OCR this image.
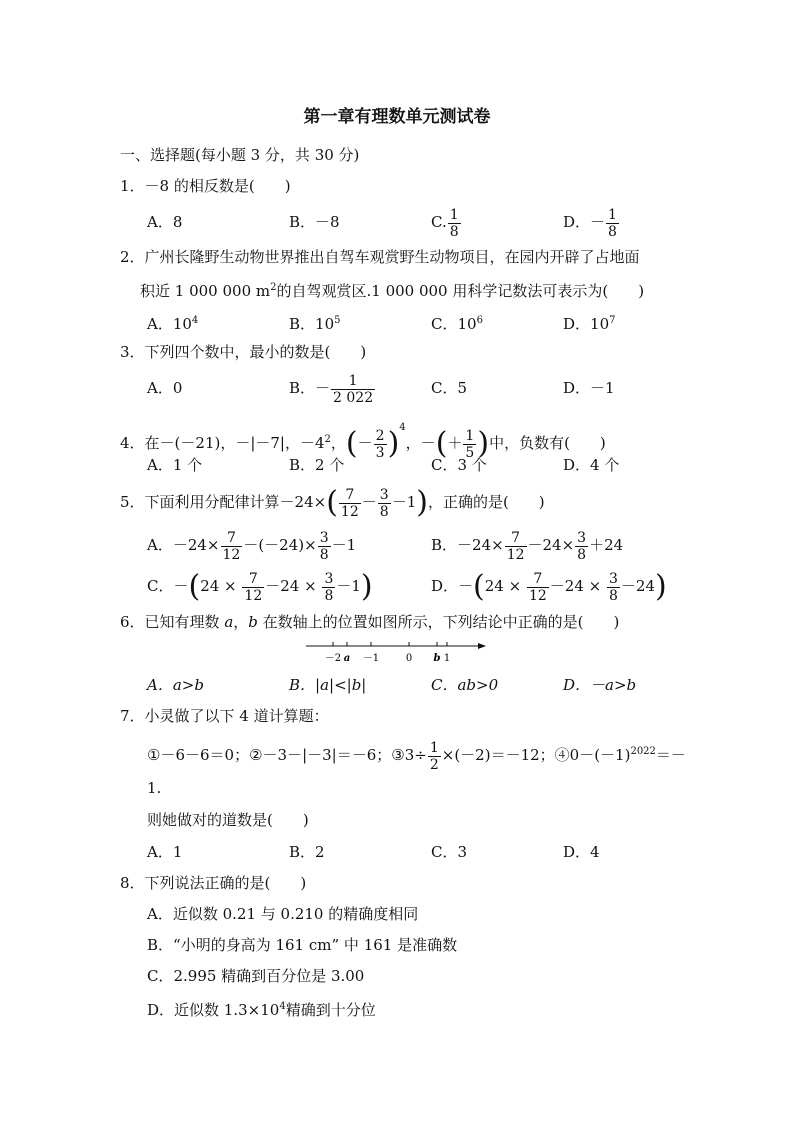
第一章有理数单元测试卷
一、选择题(每小题 3 分，共 30 分)
1．－8 的相反数是(　　)
A．8	B．－8	C. $\frac{1}{8}$	D．－ $\frac{1}{8}$
2．广州长隆野生动物世界推出自驾车观赏野生动物项目，在园内开辟了占地面
积近 1 000 000 $m^2$的自驾观赏区.1 000 000 用科学记数法可表示为(　　)
A．$10^4$	B．$10^5$	C．$10^6$	D．$10^7$
3．下列四个数中，最小的数是(　　)
A．0	B．－ $\frac{1}{2 022}$	C．5	D．－1
4．在－(－21)，－|－7|，$-4^2$，(－ $\frac{2}{3} )^4$，－(＋ $\frac{1}{5}$ )中，负数有(　　)
A．1 个	B．2 个	C．3 个	D．4 个
5．下面利用分配律计算$-24\times( \frac{7}{12} - \frac{3}{8} -1)$，正确的是(　　)
A．$-24\times \frac{7}{12} -(-24)\times \frac{3}{8} -1$	B．$-24\times \frac{7}{12} -24\times \frac{3}{8} +24$
C．$-(24 \times \frac{7}{12} -24 \times \frac{3}{8} -1)$	D．$-(24 \times \frac{7}{12} -24 \times \frac{3}{8} -24)$
6．已知有理数 a，b 在数轴上的位置如图所示，下列结论中正确的是(　　)
－2 a －1	0 b 1
A．a>b	B．|a|<|b|	C．ab>0	D．－a>b
7．小灵做了以下 4 道计算题：
①－6－6＝0；②－3－|－3|＝－6；③3÷ $\frac{1}{2} \times(-2)=-12$；$④0-(-1)^{2022}=-$
1.
则她做对的道数是(　　)
A．1	B．2	C．3	D．4
8．下列说法正确的是(　　)
A．近似数 0.21 与 0.210 的精确度相同
B．“小明的身高为 161 cm” 中 161 是准确数
C．2.995 精确到百分位是 3.00
D．近似数 $1.3\times 10^4$精确到十分位
